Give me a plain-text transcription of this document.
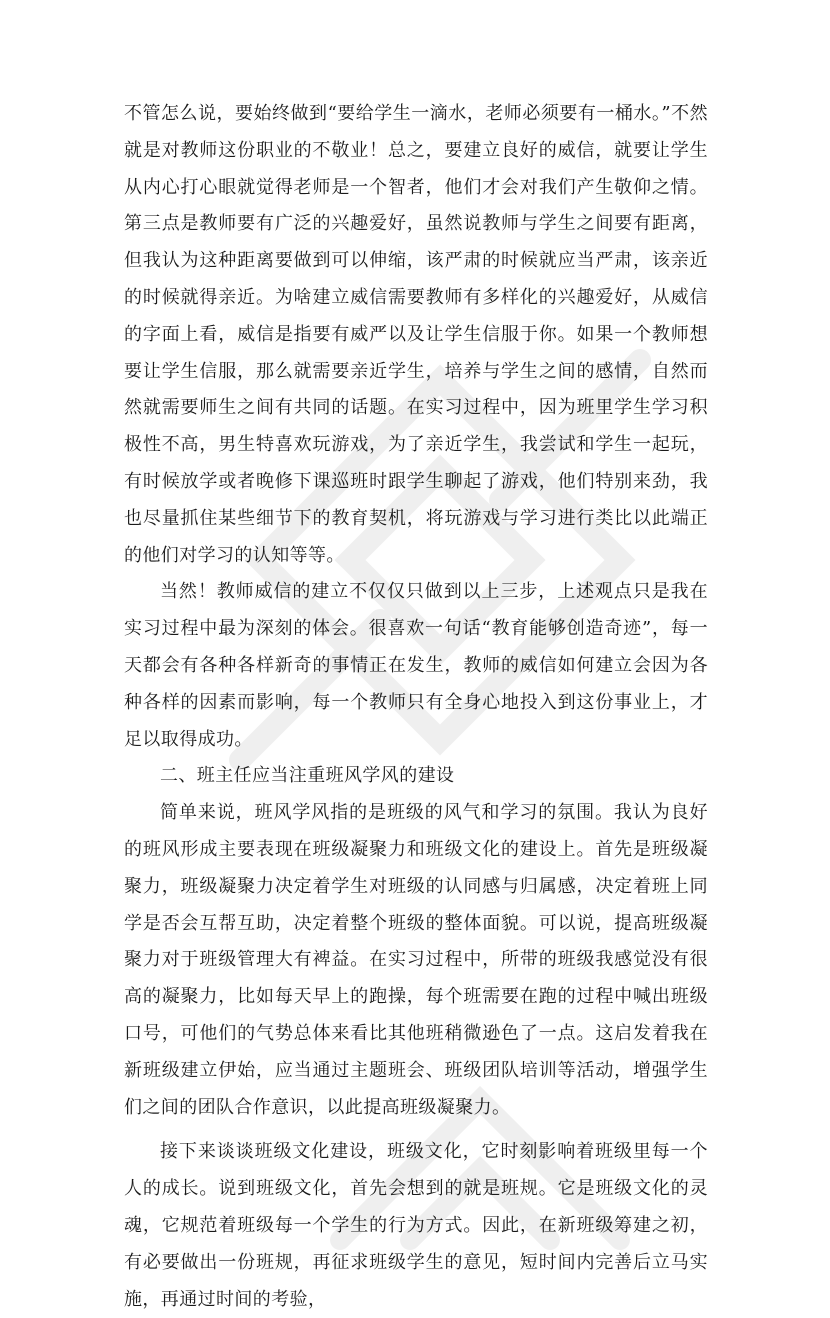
不管怎么说，要始终做到“要给学生一滴水，老师必须要有一桶水。”不然就是对教师这份职业的不敬业！总之，要建立良好的威信，就要让学生从内心打心眼就觉得老师是一个智者，他们才会对我们产生敬仰之情。第三点是教师要有广泛的兴趣爱好，虽然说教师与学生之间要有距离，但我认为这种距离要做到可以伸缩，该严肃的时候就应当严肃，该亲近的时候就得亲近。为啥建立威信需要教师有多样化的兴趣爱好，从威信的字面上看，威信是指要有威严以及让学生信服于你。如果一个教师想要让学生信服，那么就需要亲近学生，培养与学生之间的感情，自然而然就需要师生之间有共同的话题。在实习过程中，因为班里学生学习积极性不高，男生特喜欢玩游戏，为了亲近学生，我尝试和学生一起玩，有时候放学或者晚修下课巡班时跟学生聊起了游戏，他们特别来劲，我也尽量抓住某些细节下的教育契机，将玩游戏与学习进行类比以此端正的他们对学习的认知等等。

当然！教师威信的建立不仅仅只做到以上三步，上述观点只是我在实习过程中最为深刻的体会。很喜欢一句话“教育能够创造奇迹”，每一天都会有各种各样新奇的事情正在发生，教师的威信如何建立会因为各种各样的因素而影响，每一个教师只有全身心地投入到这份事业上，才足以取得成功。

二、班主任应当注重班风学风的建设

简单来说，班风学风指的是班级的风气和学习的氛围。我认为良好的班风形成主要表现在班级凝聚力和班级文化的建设上。首先是班级凝聚力，班级凝聚力决定着学生对班级的认同感与归属感，决定着班上同学是否会互帮互助，决定着整个班级的整体面貌。可以说，提高班级凝聚力对于班级管理大有裨益。在实习过程中，所带的班级我感觉没有很高的凝聚力，比如每天早上的跑操，每个班需要在跑的过程中喊出班级口号，可他们的气势总体来看比其他班稍微逊色了一点。这启发着我在新班级建立伊始，应当通过主题班会、班级团队培训等活动，增强学生们之间的团队合作意识，以此提高班级凝聚力。

接下来谈谈班级文化建设，班级文化，它时刻影响着班级里每一个人的成长。说到班级文化，首先会想到的就是班规。它是班级文化的灵魂，它规范着班级每一个学生的行为方式。因此，在新班级筹建之初，有必要做出一份班规，再征求班级学生的意见，短时间内完善后立马实施，再通过时间的考验，
